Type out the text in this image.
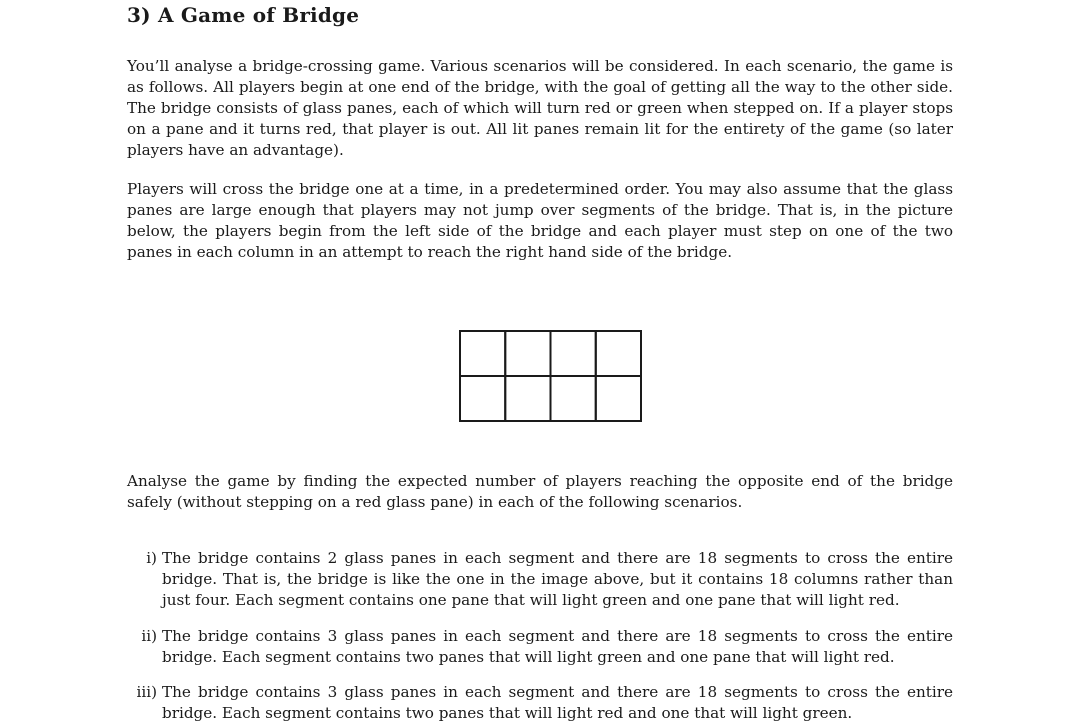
3) A Game of Bridge

You’ll analyse a bridge-crossing game. Various scenarios will be considered. In each scenario, the game is as follows. All players begin at one end of the bridge, with the goal of getting all the way to the other side. The bridge consists of glass panes, each of which will turn red or green when stepped on. If a player stops on a pane and it turns red, that player is out. All lit panes remain lit for the entirety of the game (so later players have an advantage).

Players will cross the bridge one at a time, in a predetermined order. You may also assume that the glass panes are large enough that players may not jump over segments of the bridge. That is, in the picture below, the players begin from the left side of the bridge and each player must step on one of the two panes in each column in an attempt to reach the right hand side of the bridge.

Analyse the game by finding the expected number of players reaching the opposite end of the bridge safely (without stepping on a red glass pane) in each of the following scenarios.

i) The bridge contains 2 glass panes in each segment and there are 18 segments to cross the entire bridge. That is, the bridge is like the one in the image above, but it contains 18 columns rather than just four. Each segment contains one pane that will light green and one pane that will light red.

ii) The bridge contains 3 glass panes in each segment and there are 18 segments to cross the entire bridge. Each segment contains two panes that will light green and one pane that will light red.

iii) The bridge contains 3 glass panes in each segment and there are 18 segments to cross the entire bridge. Each segment contains two panes that will light red and one that will light green.
